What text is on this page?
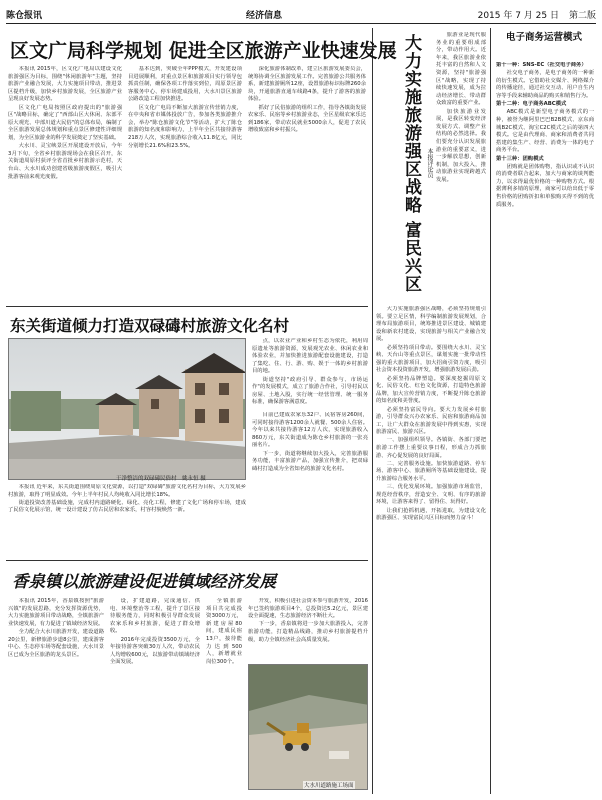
陈仓报讯	经济信息	2015 年 7 月 25 日 第二版
区文广局科学规划 促进全区旅游产业快速发展

本报讯 2015年，区文化广电局以建设文化旅游强区为目标，围绕"休闲旅游年"主题，坚持旅游产业融合发展，大力实施项目带动，推进景区提档升级，加快乡村旅游发展，全区旅游产业呈现良好发展态势。

区文化广电局按照区政府提出的"旅游强区"战略目标，确定了"西部山区大休闲、东部平原大观光、中部川道大民俗"的总体布局，编制了全区旅游发展总体规划和重点景区修建性详细规划，为全区旅游业的科学发展奠定了坚实基础。

大水川、灵宝峡景区开展建设开放后，今年3月下旬，全省乡村旅游现场会在我区召开，东关街道周原村获评全省首批乡村旅游示范村，天台山、大水川成功创建省级旅游度假区，吸引大批游客前来观光度假。

基本达到，突破全年PPP模式，开发建设项目进展顺利，对重点景区和旅游项目实行领导包抓责任制，确保各项工作落实到位，周原景区游客服务中心、停车场建成投用，大水川景区旅游公路改造工程加快推进。

区文化广电局不断加大旅游宣传营销力度，在中央和省市媒体投放广告，参加各类旅游推介会，举办"陈仓旅游文化节"等活动，扩大了陈仓旅游的知名度和影响力，上半年全区共接待游客218万人次，实现旅游综合收入11.8亿元，同比分别增长21.6%和23.5%。

深化旅游体制改革，建立区旅游发展委员会，统筹协调全区旅游发展工作。完善旅游公共服务体系，新建旅游厕所12座，设置旅游标识标牌260余块，开通旅游直通车线路4条，提升了游客的旅游体验。

抓好了民俗旅游的组织工作，指导各镇街发展农家乐、民宿等乡村旅游业态，全区星级农家乐达到186家，带动农民就业5000余人，促进了农民增收致富和乡村振兴。

东关街道倾力打造双碌碡村旅游文化名村
干净整洁的双碌碡民俗村　姚永恒 摄

本报讯 近年来，东关街道围绕周原文化资源，以打造"双碌碡"旅游文化名村为目标，大力发展乡村旅游，取得了明显成效。今年上半年村民人均纯收入同比增长18%。

街道投资改善基础设施，完成村内道路硬化、绿化、亮化工程，修建了文化广场和停车场，建成了民俗文化展示馆，统一设计建设了仿古民居和农家乐，村容村貌焕然一新。

点，以农业产业和乡村生态为依托，利用周原遗址等旅游资源，发展观光农业、休闲农业和体验农业，并加快推进旅游配套设施建设，打造了集吃、住、行、游、购、娱于一体的乡村旅游目的地。

街道坚持"政府引导、群众参与、市场运作"的发展模式，成立了旅游合作社，引导村民以房屋、土地入股，实行统一经营管理、统一服务标准，确保游客满意度。

目前已建成农家乐32户、民宿客房260间，可同时接待游客1200余人就餐、500余人住宿。今年以来共接待游客12万人次，实现旅游收入860万元，东关街道成为陈仓乡村旅游的一张亮丽名片。

下一步，街道将继续加大投入，完善旅游服务功能，丰富旅游产品，加强宣传推介，把双碌碡村打造成为全省知名的旅游文化名村。

香泉镇以旅游建设促进镇域经济发展

本报讯 2015年，香泉镇按照"旅游兴镇"的发展思路，充分发挥资源优势，大力实施旅游项目带动战略，全镇旅游产业快速发展，有力促进了镇域经济发展。

全力配合大水川旅游开发，建设道路20公里，新修旅游步道8公里，建成游客中心、生态停车场等配套设施，大水川景区已成为全区旅游的龙头景区。

设，扩建道路，完成通信、供电、环境整治等工程，提升了景区接待服务能力，同时积极引导群众发展农家乐和乡村旅游，促进了群众增收。

2016年完成投资3500万元，全年接待游客突破30万人次，带动农民人均增收600元，以旅游带动镇域经济全面发展。

全镇旅游项目共完成投资3000万元，新建房屋80间，建成民宿13户，接待能力达到500人，新增就业岗位300个。

开发，积极引进社会资本参与旅游开发，2016年已签约旅游项目4个，总投资达5.2亿元，景区建设全面提速，生态旅游经济不断壮大。

下一步，香泉镇将进一步加大旅游投入，完善旅游功能，打造精品线路，推动乡村旅游提档升级，助力全镇经济社会高质量发展。

大水川道路施工场面
大力实施旅游强区战略 富民兴区 本报评论员

旅游业是现代服务业的重要组成部分，带动作用大。近年来，我区旅游业依托丰富的自然和人文资源，坚持"旅游强区"战略，实现了持续快速发展，成为拉动经济增长、带动群众致富的重要产业。

加快旅游业发展，是我区转变经济发展方式、调整产业结构的必然选择。我们要充分认识发展旅游业的重要意义，进一步解放思想，创新机制，加大投入，推动旅游业实现跨越式发展。

大力实施旅游强区战略，必须坚持规划引领。要立足区情，科学编制旅游发展规划，合理布局旅游项目，统筹推进景区建设、城镇建设和新农村建设，实现旅游与相关产业融合发展。

必须坚持项目带动。要围绕大水川、灵宝峡、天台山等重点景区，谋划实施一批带动性强的重大旅游项目，加大招商引资力度，吸引社会资本投资旅游开发，增强旅游发展后劲。

必须坚持品牌塑造。要深度挖掘周原文化、民俗文化、红色文化资源，打造特色旅游品牌，加大宣传营销力度，不断提升陈仓旅游的知名度和美誉度。

必须坚持富民导向。要大力发展乡村旅游，引导群众兴办农家乐、民宿和旅游商品加工，让广大群众在旅游发展中得到实惠，实现旅游富民、旅游兴区。

一、加强组织领导。各镇街、各部门要把旅游工作摆上重要议事日程，形成合力抓旅游、齐心促发展的良好局面。

二、完善服务设施。加快旅游道路、停车场、游客中心、旅游厕所等基础设施建设，提升旅游综合服务水平。

三、优化发展环境。加强旅游市场监管，规范经营秩序，营造安全、文明、有序的旅游环境，让游客来得了、留得住、玩得好。

让我们抢抓机遇，开拓进取，为建设文化旅游强区、实现富民兴区目标而努力奋斗！

电子商务运营模式

第十一种：SNS-EC（社交电子商务）

社交电子商务，是电子商务的一种新的衍生模式。它借助社交媒介、网络媒介的传播途径，通过社交互动、用户自生内容等手段来辅助商品的购买和销售行为。

第十二种：电子商务ABC模式

ABC模式是新型电子商务模式的一种，被誉为继阿里巴巴B2B模式、京东商城B2C模式、淘宝C2C模式之后的第四大模式。它是由代理商、商家和消费者共同搭建的集生产、经营、消费为一体的电子商务平台。

第十三种：团购模式

团购就是团体购物，指认识或不认识的消费者联合起来，加大与商家的谈判能力，以求得最优价格的一种购物方式。根据薄利多销的原理，商家可以给出低于零售价格的团购折扣和单独购买得不到的优质服务。
